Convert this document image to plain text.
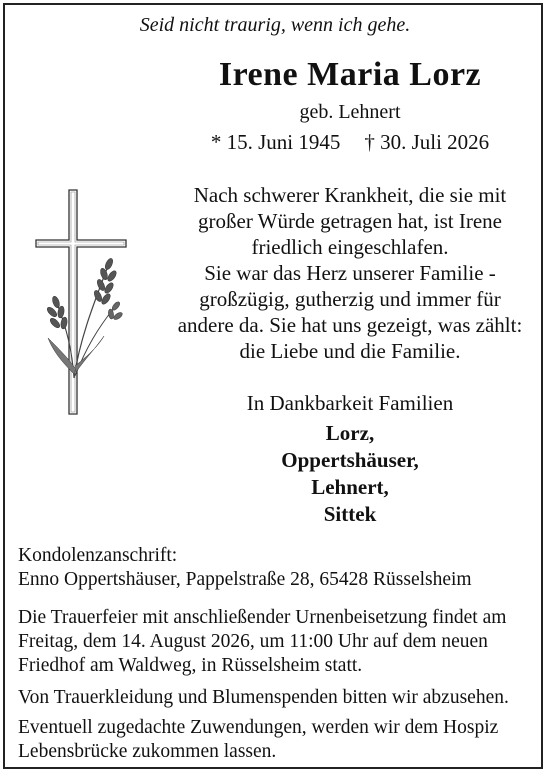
Seid nicht traurig, wenn ich gehe.
Irene Maria Lorz
geb. Lehnert
* 15. Juni 1945 † 30. Juli 2026
Nach schwerer Krankheit, die sie mit
großer Würde getragen hat, ist Irene
friedlich eingeschlafen.
Sie war das Herz unserer Familie -
großzügig, gutherzig und immer für
andere da. Sie hat uns gezeigt, was zählt:
die Liebe und die Familie.
In Dankbarkeit Familien
Lorz,
Oppertshäuser,
Lehnert,
Sittek
Kondolenzanschrift:
Enno Oppertshäuser, Pappelstraße 28, 65428 Rüsselsheim
Die Trauerfeier mit anschließender Urnenbeisetzung findet am
Freitag, dem 14. August 2026, um 11:00 Uhr auf dem neuen
Friedhof am Waldweg, in Rüsselsheim statt.
Von Trauerkleidung und Blumenspenden bitten wir abzusehen.
Eventuell zugedachte Zuwendungen, werden wir dem Hospiz
Lebensbrücke zukommen lassen.
